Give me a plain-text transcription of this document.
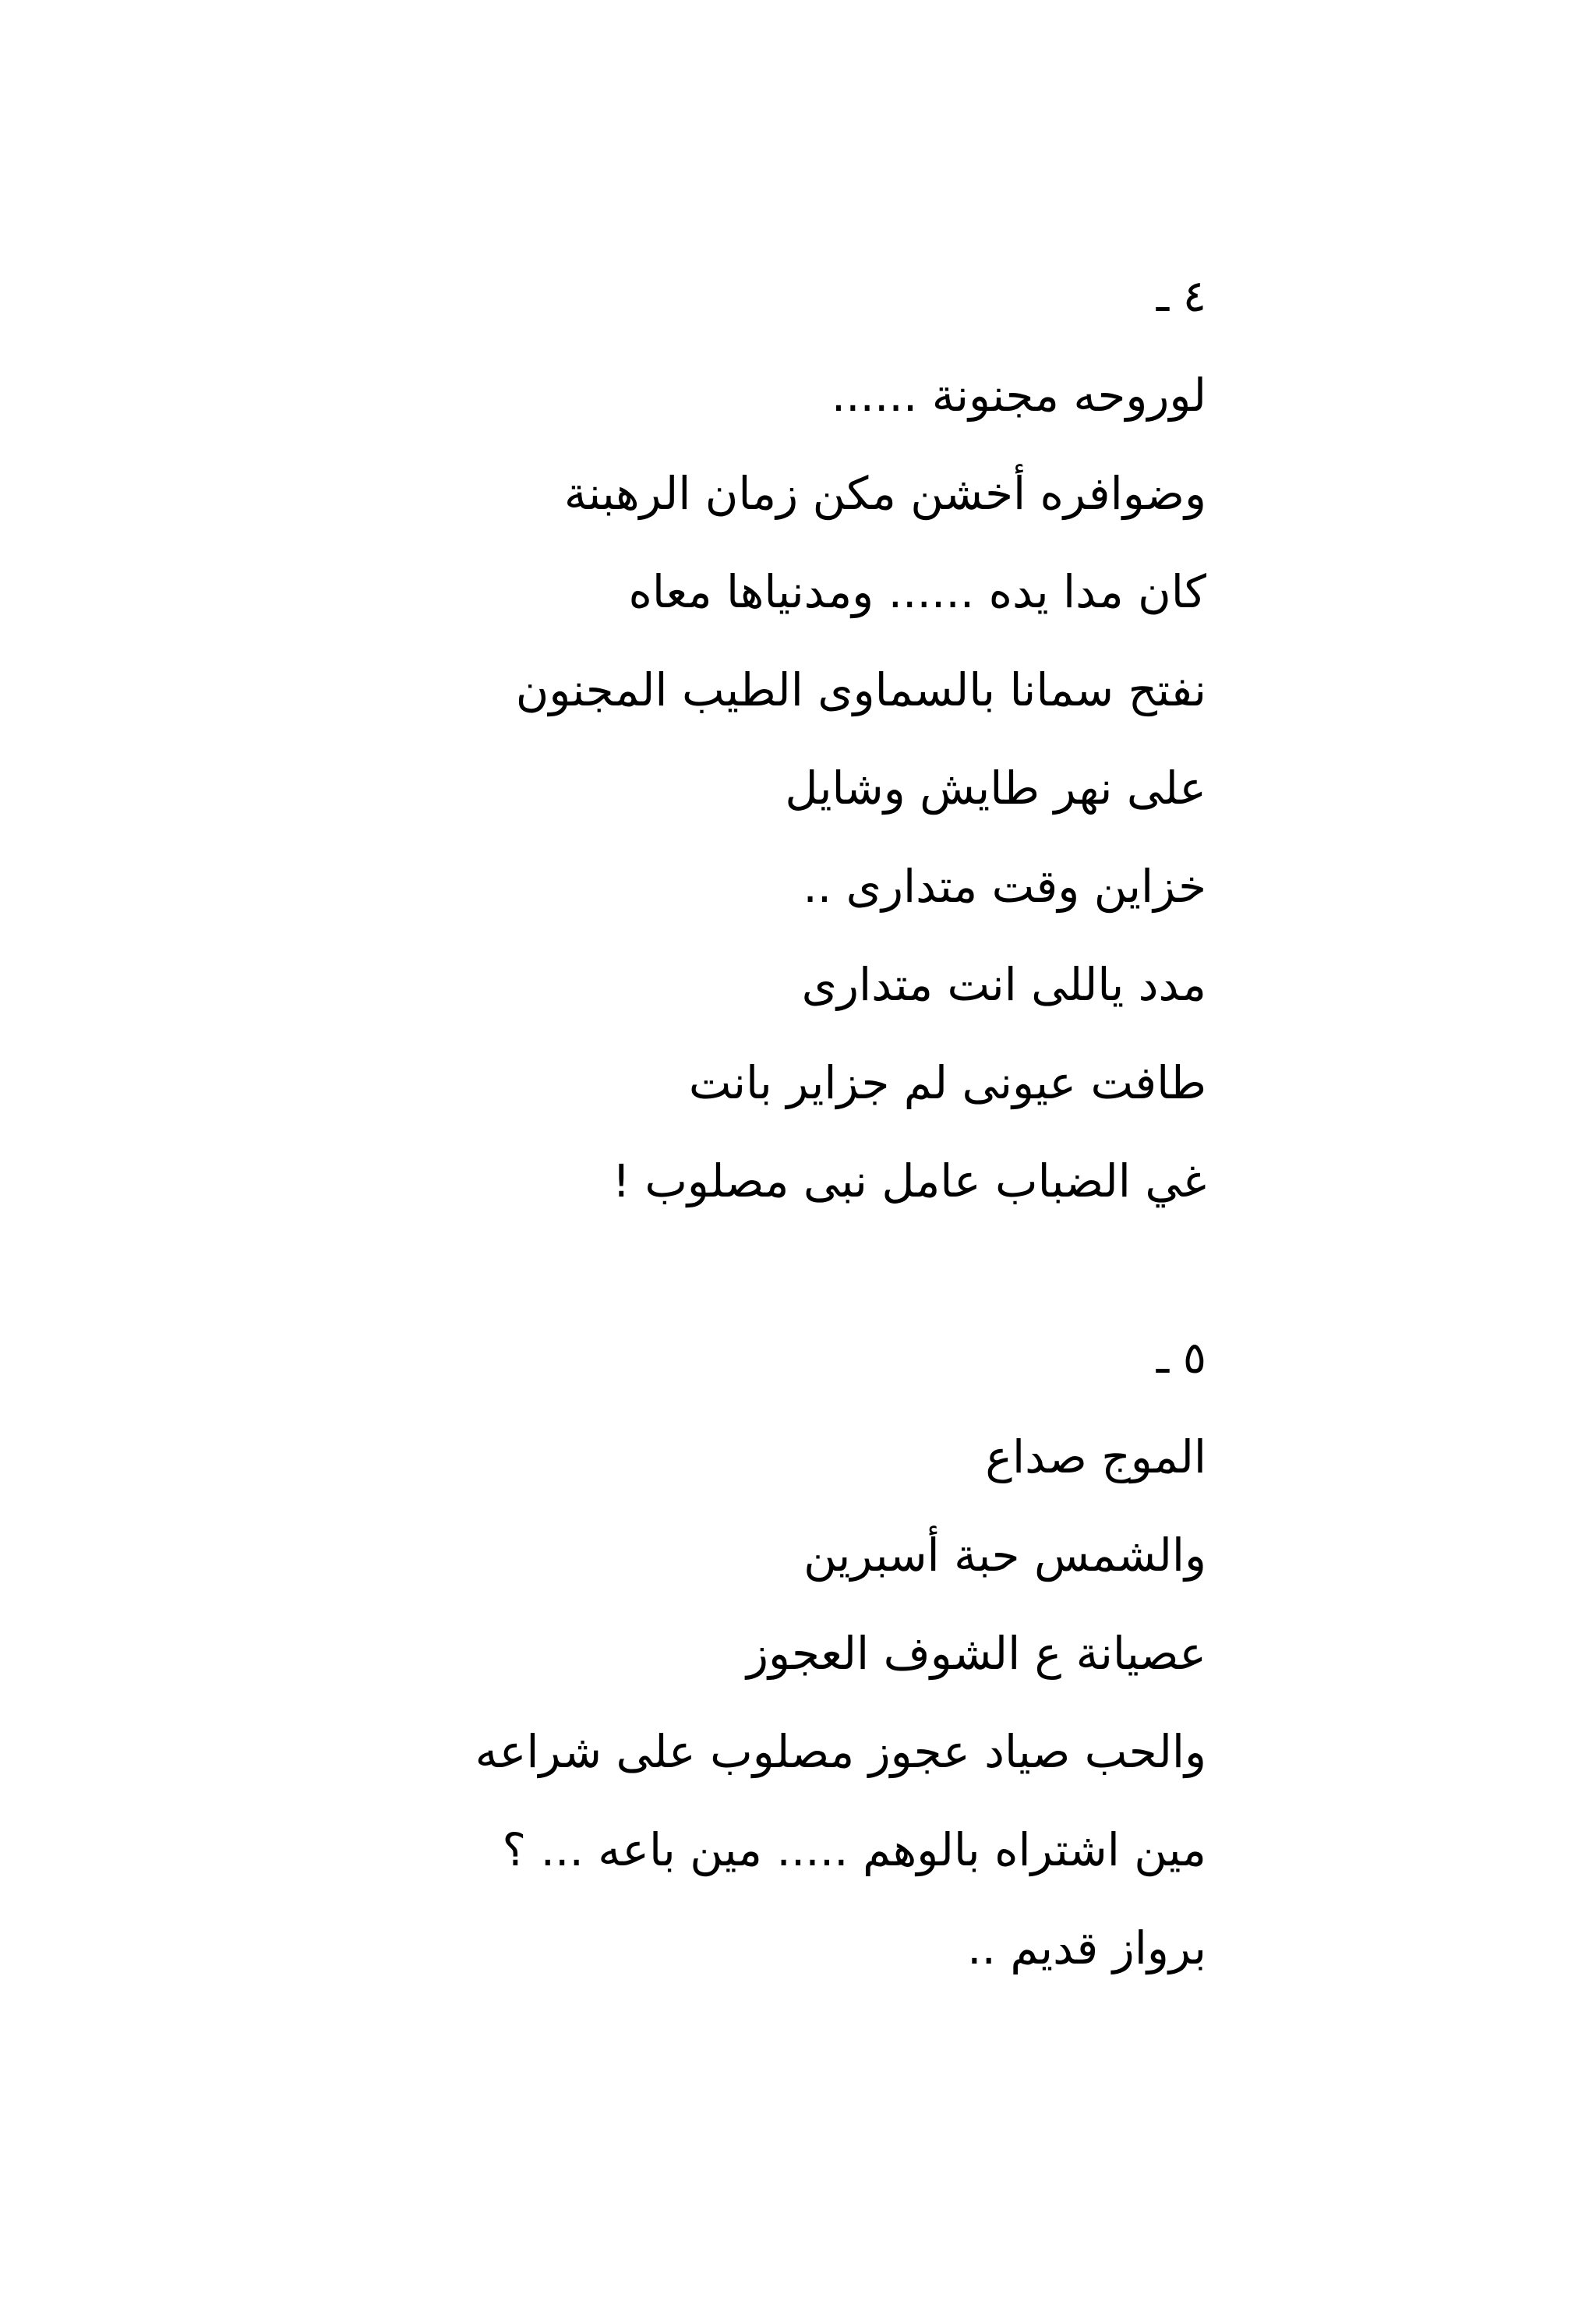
٤ ـ

لوروحه مجنونة ......

وضوافره أخشن مكن زمان الرهبنة

كان مدا يده ...... ومدنياها معاه

نفتح سمانا بالسماوى الطيب المجنون

على نهر طايش وشايل

خزاين وقت متدارى ..

مدد ياللى انت متدارى

طافت عيونى لم جزاير بانت

غي الضباب عامل نبى مصلوب !

٥ ـ

الموج صداع

والشمس حبة أسبرين

عصيانة ع الشوف العجوز

والحب صياد عجوز مصلوب على شراعه

مين اشتراه بالوهم ..... مين باعه ... ؟

برواز قديم ..
